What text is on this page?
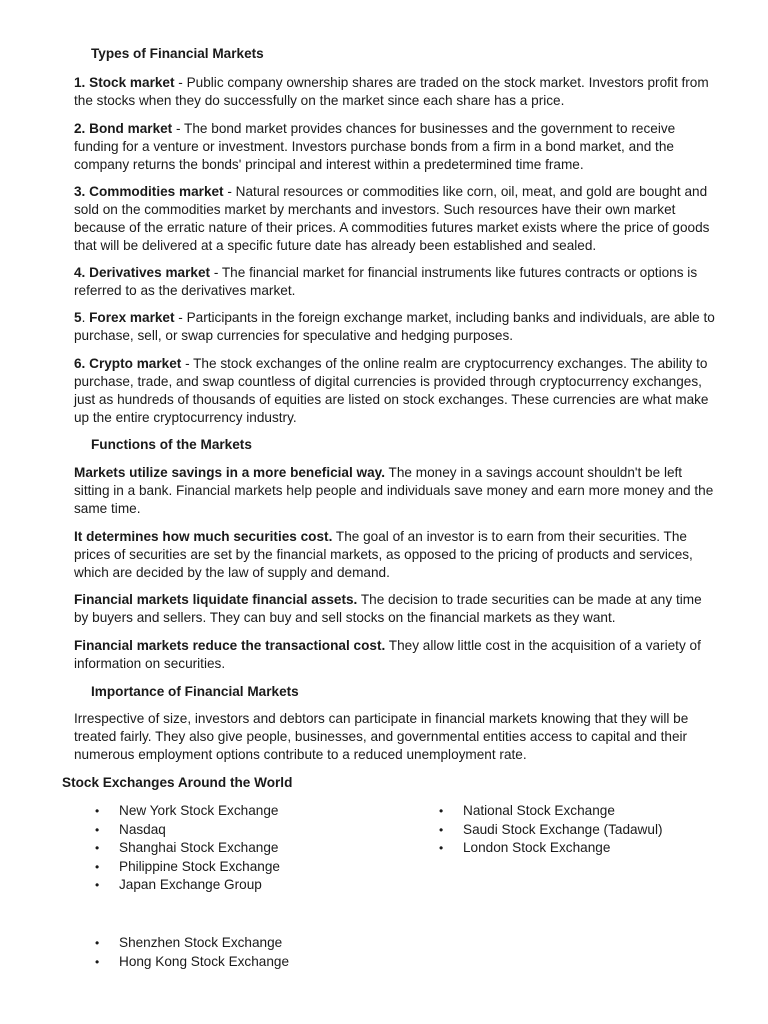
Types of Financial Markets

1. Stock market - Public company ownership shares are traded on the stock market. Investors profit from the stocks when they do successfully on the market since each share has a price.

2. Bond market - The bond market provides chances for businesses and the government to receive funding for a venture or investment. Investors purchase bonds from a firm in a bond market, and the company returns the bonds' principal and interest within a predetermined time frame.

3. Commodities market - Natural resources or commodities like corn, oil, meat, and gold are bought and sold on the commodities market by merchants and investors. Such resources have their own market because of the erratic nature of their prices. A commodities futures market exists where the price of goods that will be delivered at a specific future date has already been established and sealed.

4. Derivatives market - The financial market for financial instruments like futures contracts or options is referred to as the derivatives market.

5. Forex market - Participants in the foreign exchange market, including banks and individuals, are able to purchase, sell, or swap currencies for speculative and hedging purposes.

6. Crypto market - The stock exchanges of the online realm are cryptocurrency exchanges. The ability to purchase, trade, and swap countless of digital currencies is provided through cryptocurrency exchanges, just as hundreds of thousands of equities are listed on stock exchanges. These currencies are what make up the entire cryptocurrency industry.

Functions of the Markets

Markets utilize savings in a more beneficial way. The money in a savings account shouldn't be left sitting in a bank. Financial markets help people and individuals save money and earn more money and the same time.

It determines how much securities cost. The goal of an investor is to earn from their securities. The prices of securities are set by the financial markets, as opposed to the pricing of products and services, which are decided by the law of supply and demand.

Financial markets liquidate financial assets. The decision to trade securities can be made at any time by buyers and sellers. They can buy and sell stocks on the financial markets as they want.

Financial markets reduce the transactional cost. They allow little cost in the acquisition of a variety of information on securities.

Importance of Financial Markets

Irrespective of size, investors and debtors can participate in financial markets knowing that they will be treated fairly. They also give people, businesses, and governmental entities access to capital and their numerous employment options contribute to a reduced unemployment rate.

Stock Exchanges Around the World
• New York Stock Exchange
• Nasdaq
• Shanghai Stock Exchange
• Philippine Stock Exchange
• Japan Exchange Group
• National Stock Exchange
• Saudi Stock Exchange (Tadawul)
• London Stock Exchange
• Shenzhen Stock Exchange
• Hong Kong Stock Exchange
